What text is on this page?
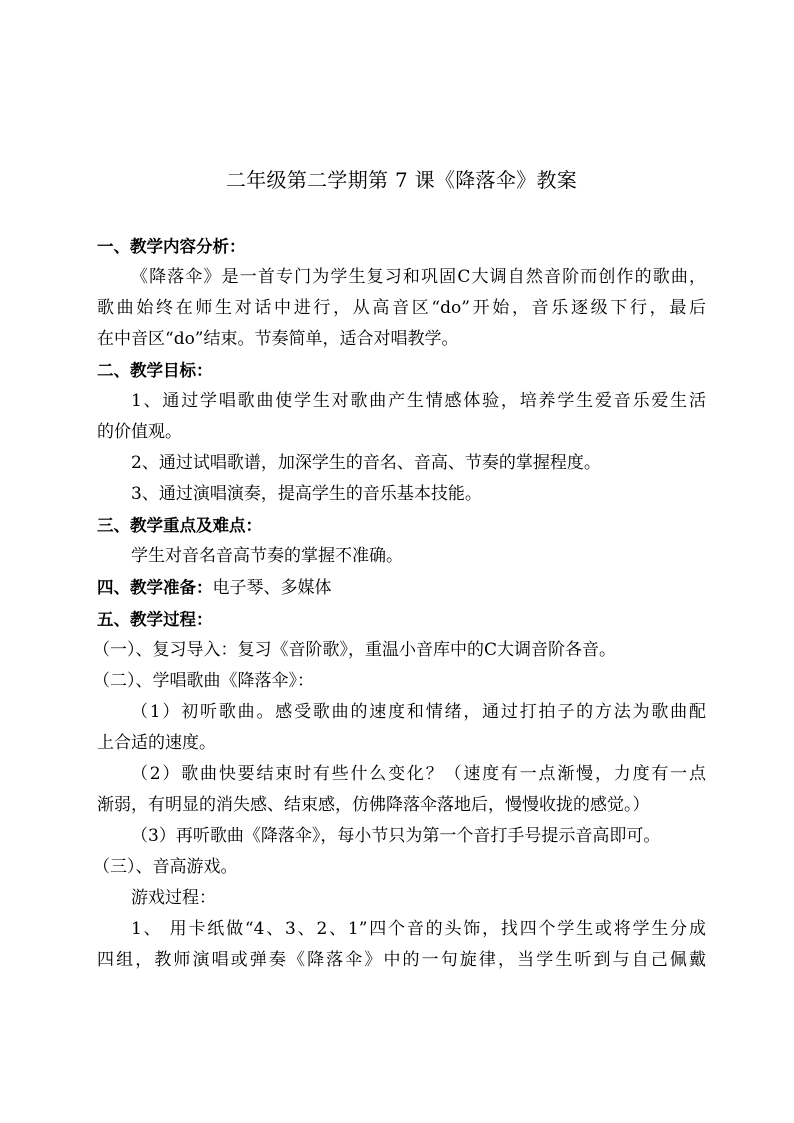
二年级第二学期第 7 课《降落伞》教案
一、教学内容分析：
《降落伞》是一首专门为学生复习和巩固C大调自然音阶而创作的歌曲，
歌曲始终在师生对话中进行，从高音区“do”开始，音乐逐级下行，最后
在中音区“do”结束。节奏简单，适合对唱教学。
二、教学目标：
1、通过学唱歌曲使学生对歌曲产生情感体验，培养学生爱音乐爱生活
的价值观。
2、通过试唱歌谱，加深学生的音名、音高、节奏的掌握程度。
3、通过演唱演奏，提高学生的音乐基本技能。
三、教学重点及难点：
学生对音名音高节奏的掌握不准确。
四、教学准备：电子琴、多媒体
五、教学过程：
（一）、复习导入：复习《音阶歌》，重温小音库中的C大调音阶各音。
（二）、学唱歌曲《降落伞》：
（1）初听歌曲。感受歌曲的速度和情绪，通过打拍子的方法为歌曲配
上合适的速度。
（2）歌曲快要结束时有些什么变化？（速度有一点渐慢，力度有一点
渐弱，有明显的消失感、结束感，仿佛降落伞落地后，慢慢收拢的感觉。）
（3）再听歌曲《降落伞》，每小节只为第一个音打手号提示音高即可。
（三）、音高游戏。
游戏过程：
1、 用卡纸做“4、3、2、1”四个音的头饰，找四个学生或将学生分成
四组，教师演唱或弹奏《降落伞》中的一句旋律，当学生听到与自己佩戴
